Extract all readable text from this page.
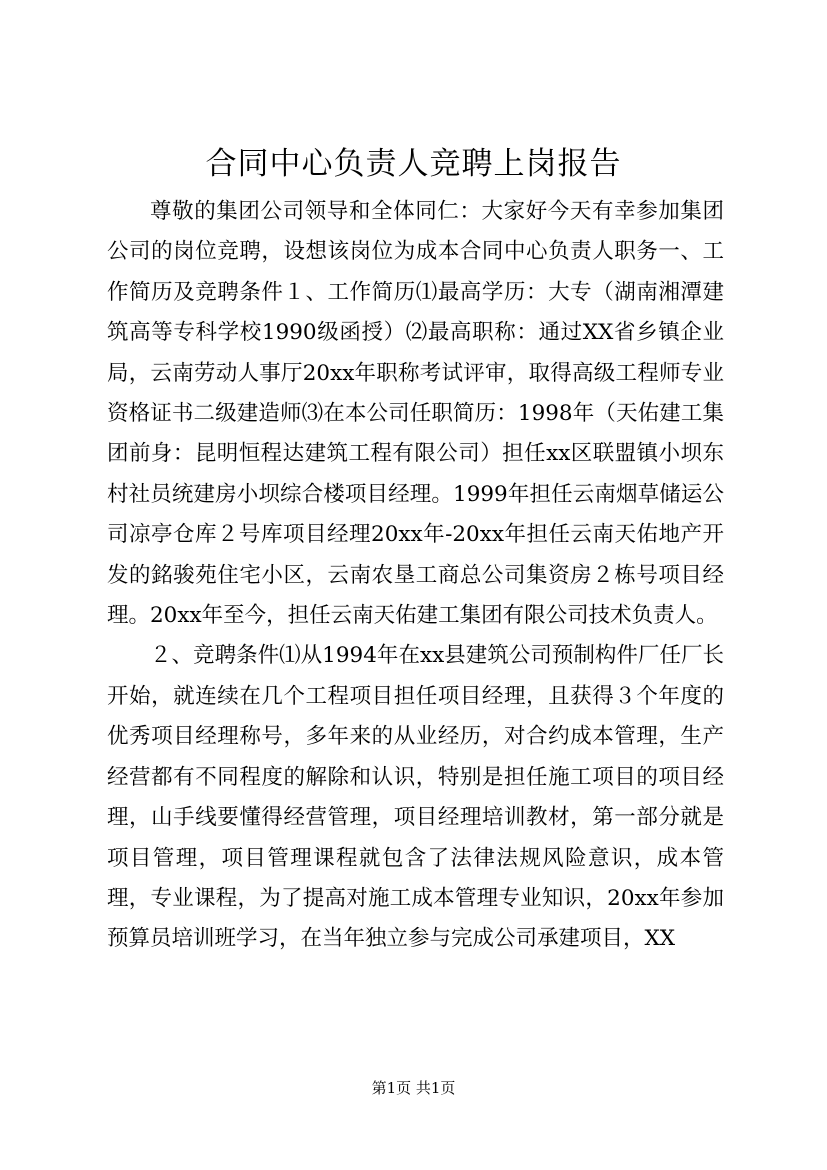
合同中心负责人竞聘上岗报告

尊敬的集团公司领导和全体同仁：大家好今天有幸参加集团公司的岗位竞聘，设想该岗位为成本合同中心负责人职务一、工作简历及竞聘条件１、工作简历⑴最高学历：大专（湖南湘潭建筑高等专科学校1990级函授）⑵最高职称：通过XX省乡镇企业局，云南劳动人事厅20xx年职称考试评审，取得高级工程师专业资格证书二级建造师⑶在本公司任职简历：1998年（天佑建工集团前身：昆明恒程达建筑工程有限公司）担任xx区联盟镇小坝东村社员统建房小坝综合楼项目经理。1999年担任云南烟草储运公司凉亭仓库２号库项目经理20xx年-20xx年担任云南天佑地产开发的銘骏苑住宅小区，云南农垦工商总公司集资房２栋号项目经理。20xx年至今，担任云南天佑建工集团有限公司技术负责人。

２、竞聘条件⑴从1994年在xx县建筑公司预制构件厂任厂长开始，就连续在几个工程项目担任项目经理，且获得３个年度的优秀项目经理称号，多年来的从业经历，对合约成本管理，生产经营都有不同程度的解除和认识，特别是担任施工项目的项目经理，山手线要懂得经营管理，项目经理培训教材，第一部分就是项目管理，项目管理课程就包含了法律法规风险意识，成本管理，专业课程，为了提高对施工成本管理专业知识，20xx年参加预算员培训班学习，在当年独立参与完成公司承建项目，XX

第1页 共1页
